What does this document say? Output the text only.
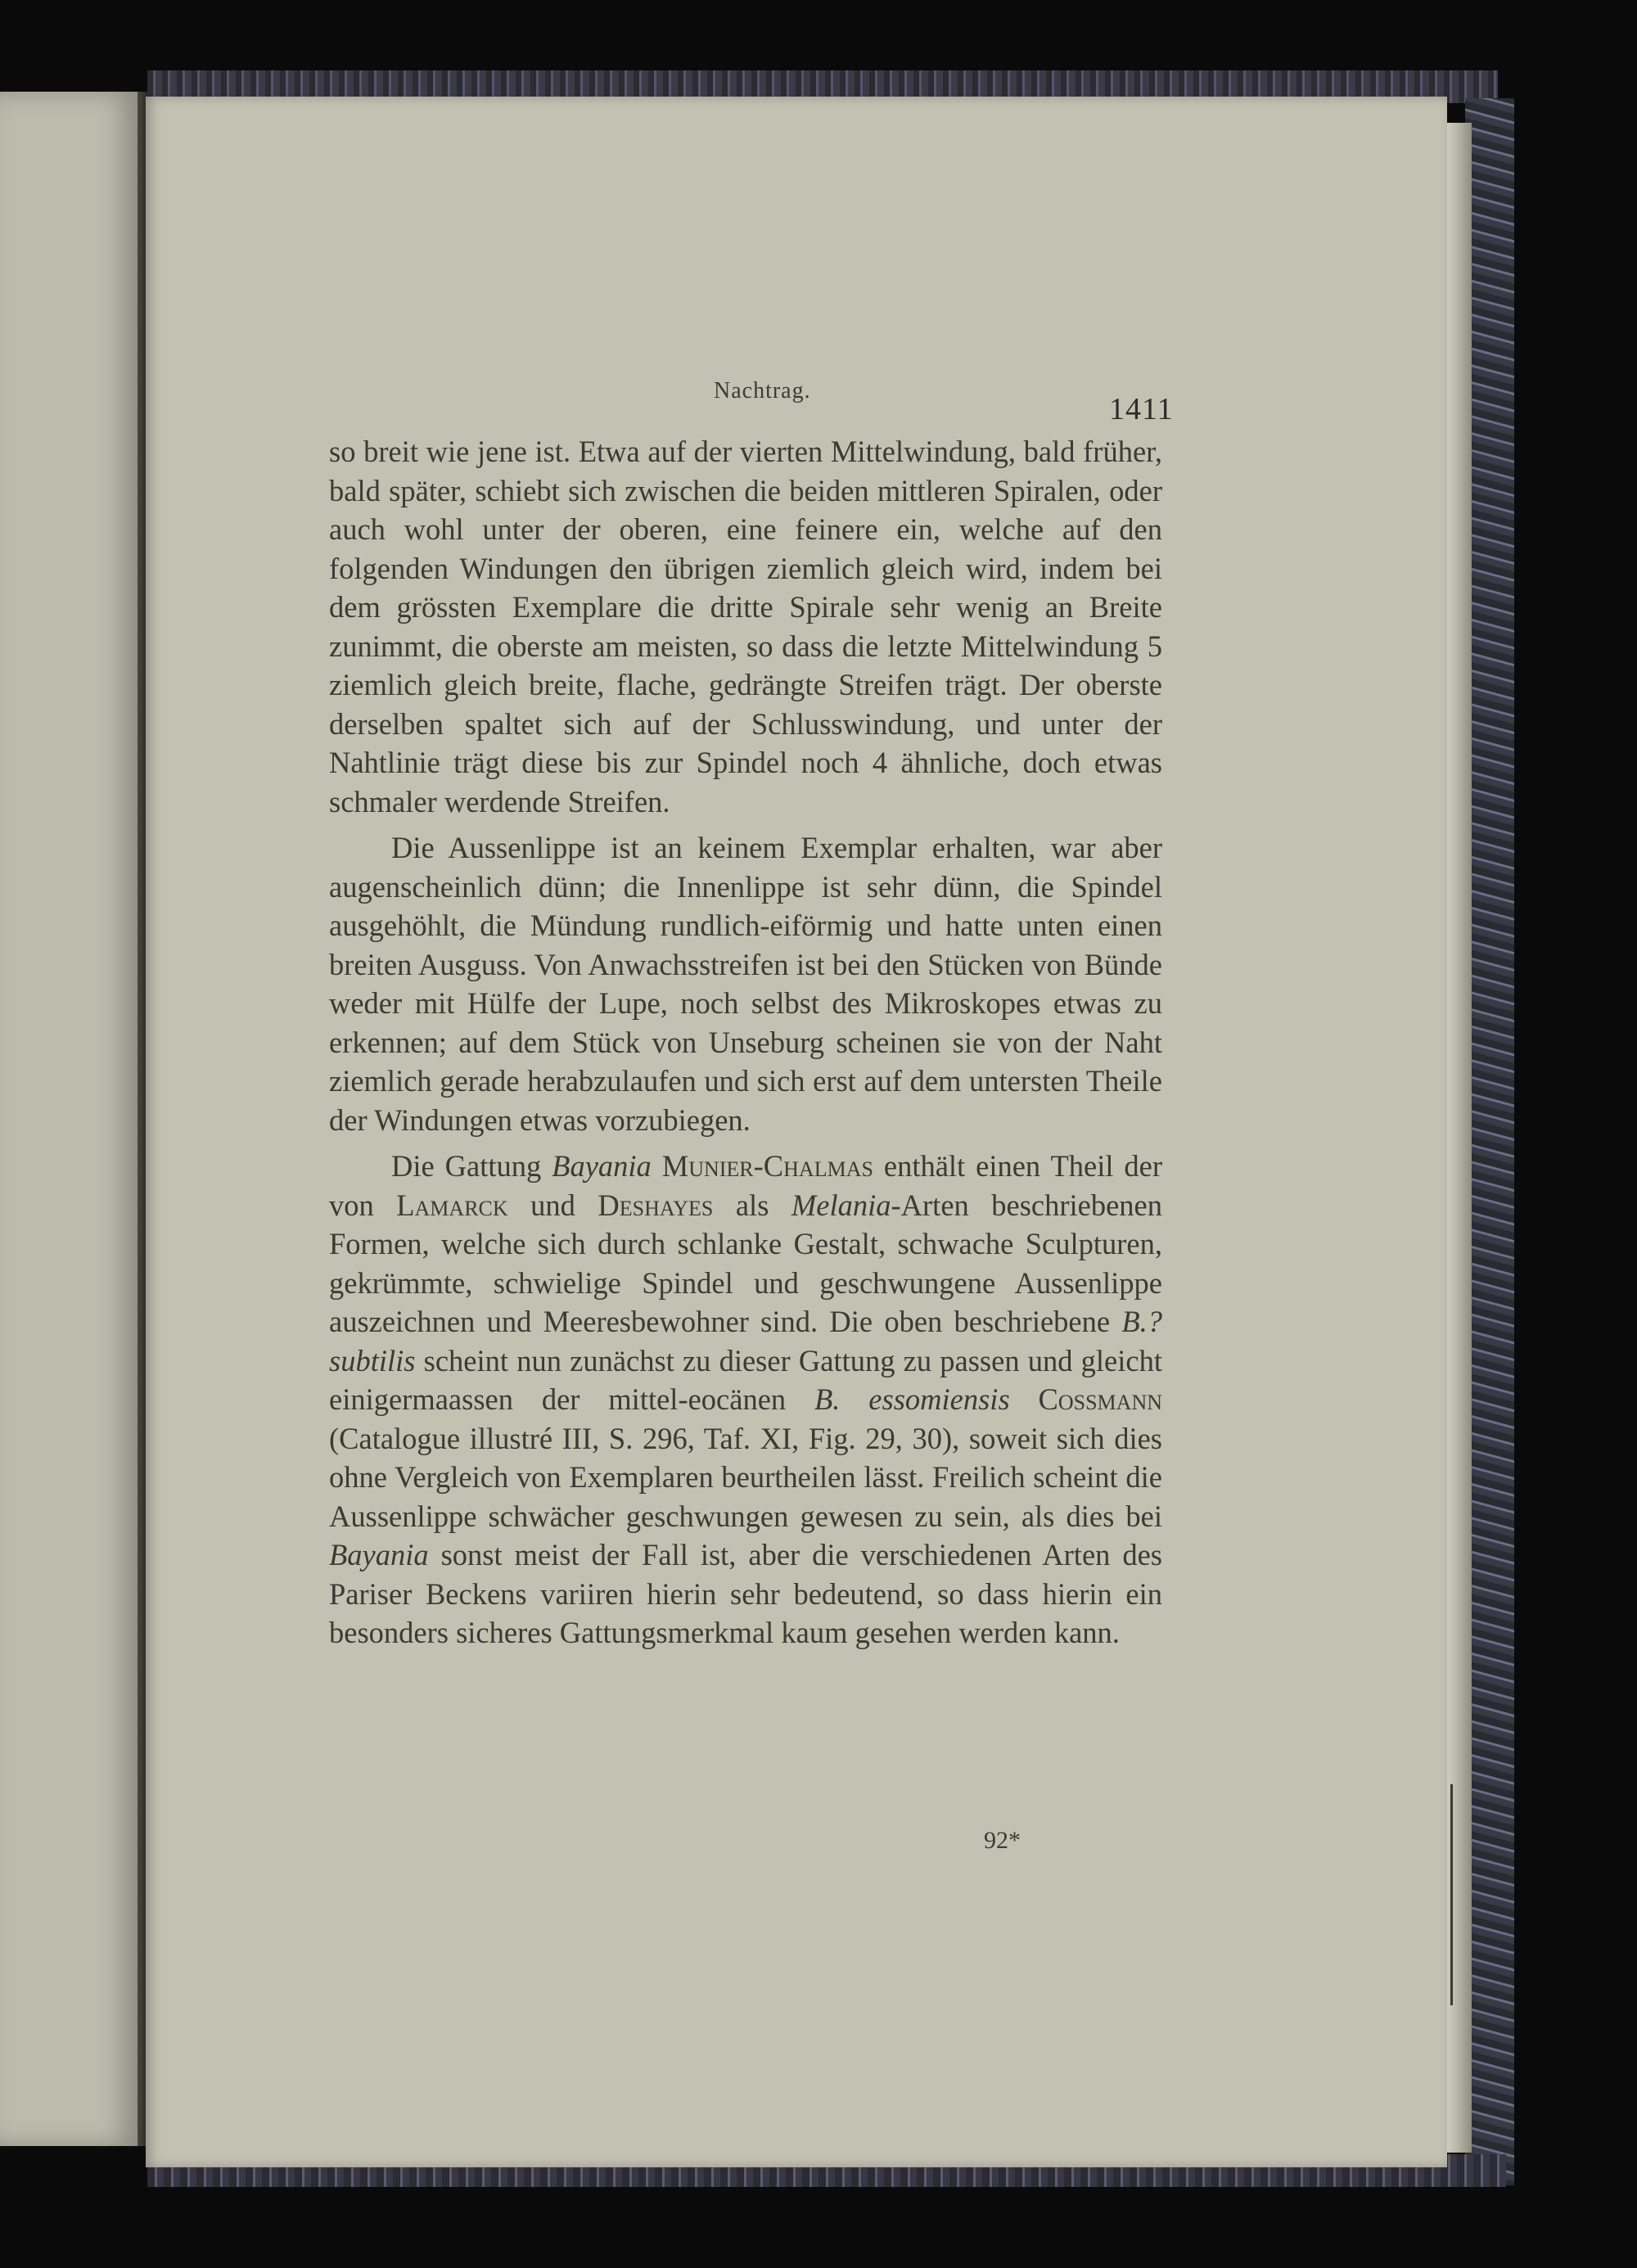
Nachtrag.
1411

so breit wie jene ist. Etwa auf der vierten Mittelwindung, bald früher, bald später, schiebt sich zwischen die beiden mittleren Spiralen, oder auch wohl unter der oberen, eine feinere ein, welche auf den folgenden Windungen den übrigen ziemlich gleich wird, indem bei dem grössten Exemplare die dritte Spirale sehr wenig an Breite zunimmt, die oberste am meisten, so dass die letzte Mittelwindung 5 ziemlich gleich breite, flache, gedrängte Streifen trägt. Der oberste derselben spaltet sich auf der Schlusswindung, und unter der Nahtlinie trägt diese bis zur Spindel noch 4 ähnliche, doch etwas schmaler werdende Streifen.

Die Aussenlippe ist an keinem Exemplar erhalten, war aber augenscheinlich dünn; die Innenlippe ist sehr dünn, die Spindel ausgehöhlt, die Mündung rundlich-eiförmig und hatte unten einen breiten Ausguss. Von Anwachsstreifen ist bei den Stücken von Bünde weder mit Hülfe der Lupe, noch selbst des Mikroskopes etwas zu erkennen; auf dem Stück von Unseburg scheinen sie von der Naht ziemlich gerade herabzulaufen und sich erst auf dem untersten Theile der Windungen etwas vorzubiegen.

Die Gattung Bayania Munier-Chalmas enthält einen Theil der von Lamarck und Deshayes als Melania-Arten beschriebenen Formen, welche sich durch schlanke Gestalt, schwache Sculpturen, gekrümmte, schwielige Spindel und geschwungene Aussenlippe auszeichnen und Meeresbewohner sind. Die oben beschriebene B.? subtilis scheint nun zunächst zu dieser Gattung zu passen und gleicht einigermaassen der mittel-eocänen B. essomiensis Cossmann (Catalogue illustré III, S. 296, Taf. XI, Fig. 29, 30), soweit sich dies ohne Vergleich von Exemplaren beurtheilen lässt. Freilich scheint die Aussenlippe schwächer geschwungen gewesen zu sein, als dies bei Bayania sonst meist der Fall ist, aber die verschiedenen Arten des Pariser Beckens variiren hierin sehr bedeutend, so dass hierin ein besonders sicheres Gattungsmerkmal kaum gesehen werden kann.

92*
